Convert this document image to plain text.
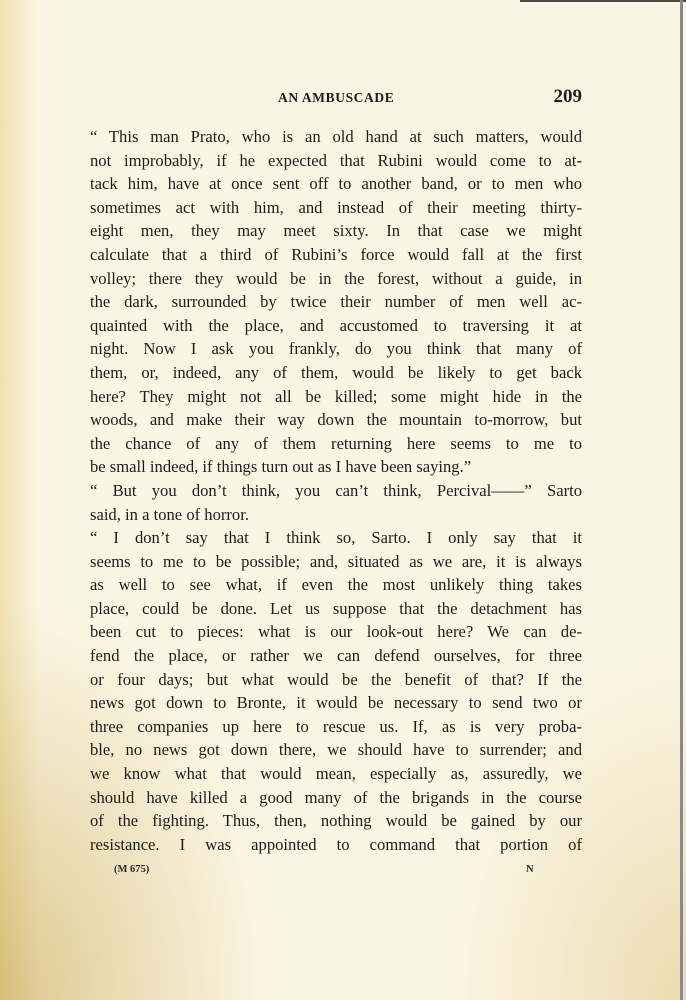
AN AMBUSCADE	209
“ This man Prato, who is an old hand at such matters, would
not improbably, if he expected that Rubini would come to at-
tack him, have at once sent off to another band, or to men who
sometimes act with him, and instead of their meeting thirty-
eight men, they may meet sixty. In that case we might
calculate that a third of Rubini’s force would fall at the first
volley; there they would be in the forest, without a guide, in
the dark, surrounded by twice their number of men well ac-
quainted with the place, and accustomed to traversing it at
night. Now I ask you frankly, do you think that many of
them, or, indeed, any of them, would be likely to get back
here? They might not all be killed; some might hide in the
woods, and make their way down the mountain to-morrow, but
the chance of any of them returning here seems to me to
be small indeed, if things turn out as I have been saying.”
“ But you don’t think, you can’t think, Percival——” Sarto
said, in a tone of horror.
“ I don’t say that I think so, Sarto. I only say that it
seems to me to be possible; and, situated as we are, it is always
as well to see what, if even the most unlikely thing takes
place, could be done. Let us suppose that the detachment has
been cut to pieces: what is our look-out here? We can de-
fend the place, or rather we can defend ourselves, for three
or four days; but what would be the benefit of that? If the
news got down to Bronte, it would be necessary to send two or
three companies up here to rescue us. If, as is very proba-
ble, no news got down there, we should have to surrender; and
we know what that would mean, especially as, assuredly, we
should have killed a good many of the brigands in the course
of the fighting. Thus, then, nothing would be gained by our
resistance. I was appointed to command that portion of
(M 675)	N
